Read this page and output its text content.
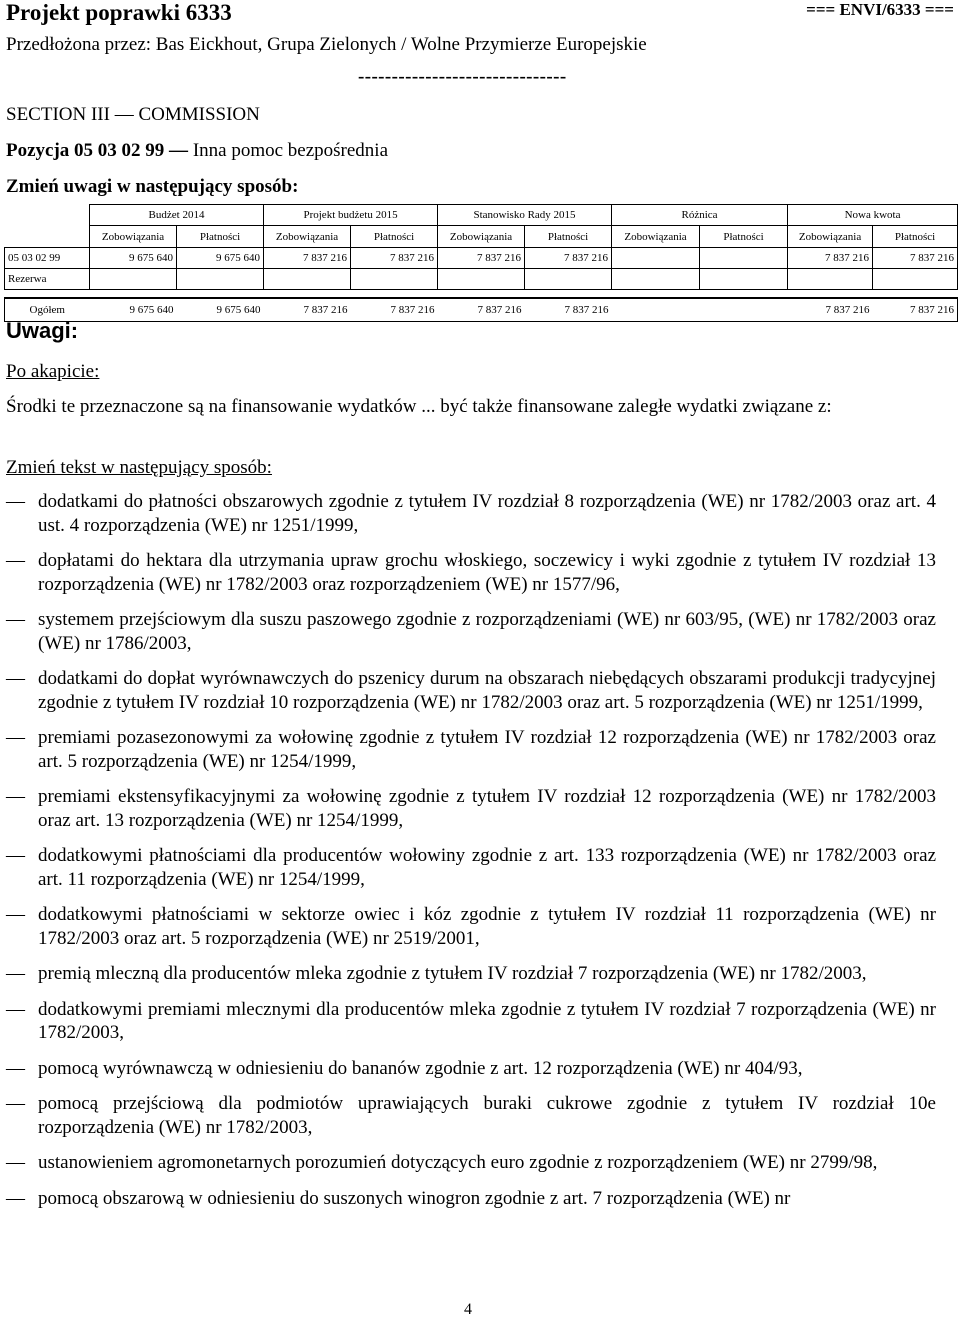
Projekt poprawki 6333	=== ENVI/6333 ===
Przedłożona przez: Bas Eickhout, Grupa Zielonych / Wolne Przymierze Europejskie
-------------------------------
SECTION III — COMMISSION
Pozycja 05 03 02 99 — Inna pomoc bezpośrednia
Zmień uwagi w następujący sposób:
	Budżet 2014		Projekt budżetu 2015		Stanowisko Rady 2015		Różnica		Nowa kwota	
	Zobowiązania	Płatności	Zobowiązania	Płatności	Zobowiązania	Płatności	Zobowiązania	Płatności	Zobowiązania	Płatności
05 03 02 99	9 675 640	9 675 640	7 837 216	7 837 216	7 837 216	7 837 216			7 837 216	7 837 216
Rezerwa										

Ogółem	9 675 640	9 675 640	7 837 216	7 837 216	7 837 216	7 837 216			7 837 216	7 837 216
Uwagi:
Po akapicie:
Środki te przeznaczone są na finansowanie wydatków ... być także finansowane zaległe wydatki związane z:
Zmień tekst w następujący sposób:
— dodatkami do płatności obszarowych zgodnie z tytułem IV rozdział 8 rozporządzenia (WE) nr 1782/2003 oraz art. 4 ust. 4 rozporządzenia (WE) nr 1251/1999,
— dopłatami do hektara dla utrzymania upraw grochu włoskiego, soczewicy i wyki zgodnie z tytułem IV rozdział 13 rozporządzenia (WE) nr 1782/2003 oraz rozporządzeniem (WE) nr 1577/96,
— systemem przejściowym dla suszu paszowego zgodnie z rozporządzeniami (WE) nr 603/95, (WE) nr 1782/2003 oraz (WE) nr 1786/2003,
— dodatkami do dopłat wyrównawczych do pszenicy durum na obszarach niebędących obszarami produkcji tradycyjnej zgodnie z tytułem IV rozdział 10 rozporządzenia (WE) nr 1782/2003 oraz art. 5 rozporządzenia (WE) nr 1251/1999,
— premiami pozasezonowymi za wołowinę zgodnie z tytułem IV rozdział 12 rozporządzenia (WE) nr 1782/2003 oraz art. 5 rozporządzenia (WE) nr 1254/1999,
— premiami ekstensyfikacyjnymi za wołowinę zgodnie z tytułem IV rozdział 12 rozporządzenia (WE) nr 1782/2003 oraz art. 13 rozporządzenia (WE) nr 1254/1999,
— dodatkowymi płatnościami dla producentów wołowiny zgodnie z art. 133 rozporządzenia (WE) nr 1782/2003 oraz art. 11 rozporządzenia (WE) nr 1254/1999,
— dodatkowymi płatnościami w sektorze owiec i kóz zgodnie z tytułem IV rozdział 11 rozporządzenia (WE) nr 1782/2003 oraz art. 5 rozporządzenia (WE) nr 2519/2001,
— premią mleczną dla producentów mleka zgodnie z tytułem IV rozdział 7 rozporządzenia (WE) nr 1782/2003,
— dodatkowymi premiami mlecznymi dla producentów mleka zgodnie z tytułem IV rozdział 7 rozporządzenia (WE) nr 1782/2003,
— pomocą wyrównawczą w odniesieniu do bananów zgodnie z art. 12 rozporządzenia (WE) nr 404/93,
— pomocą przejściową dla podmiotów uprawiających buraki cukrowe zgodnie z tytułem IV rozdział 10e rozporządzenia (WE) nr 1782/2003,
— ustanowieniem agromonetarnych porozumień dotyczących euro zgodnie z rozporządzeniem (WE) nr 2799/98,
— pomocą obszarową w odniesieniu do suszonych winogron zgodnie z art. 7 rozporządzenia (WE) nr
4
